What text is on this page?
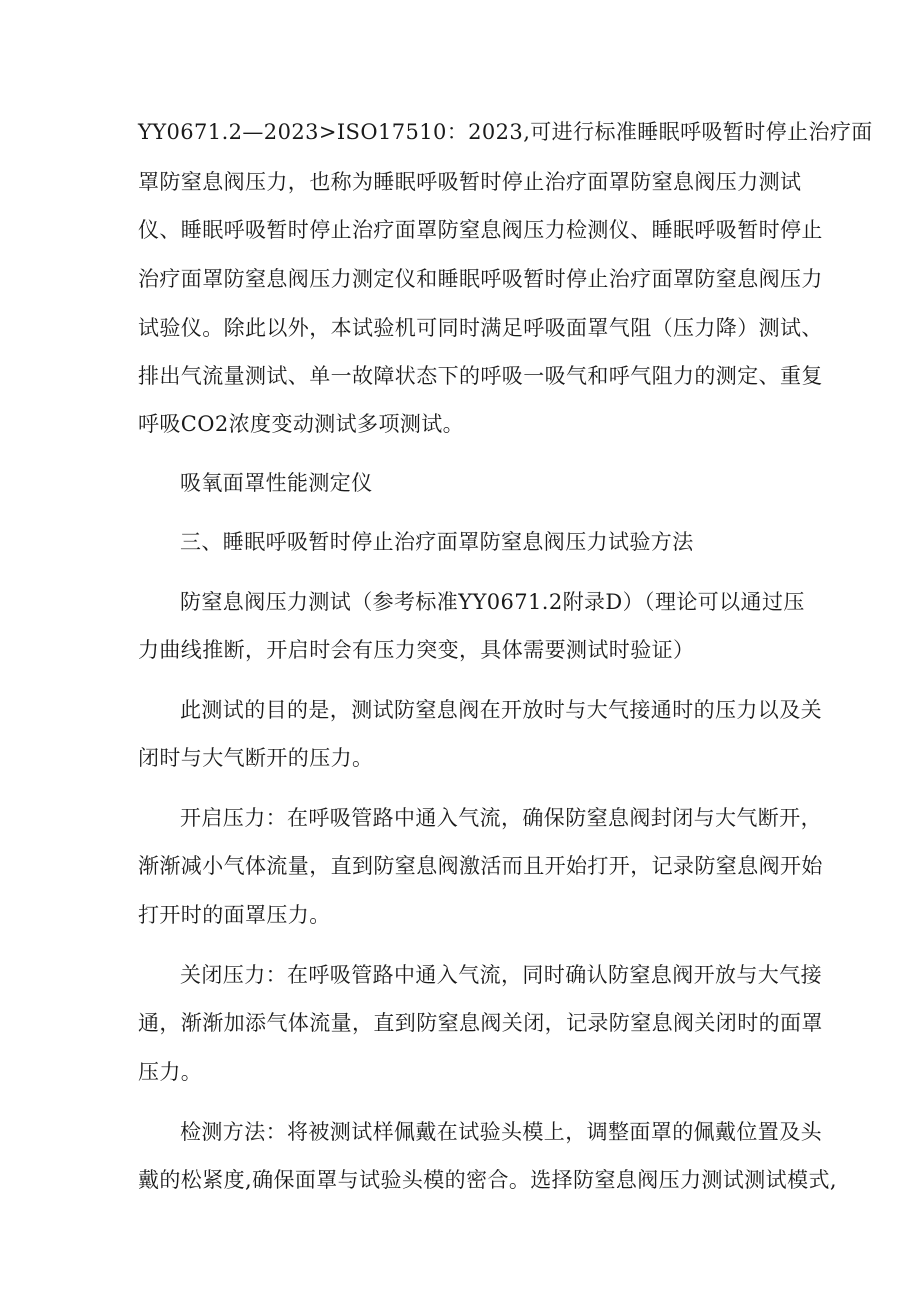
YY0671.2—2023>ISO17510：2023,可进行标准睡眠呼吸暂时停止治疗面
罩防窒息阀压力，也称为睡眠呼吸暂时停止治疗面罩防窒息阀压力测试
仪、睡眠呼吸暂时停止治疗面罩防窒息阀压力检测仪、睡眠呼吸暂时停止
治疗面罩防窒息阀压力测定仪和睡眠呼吸暂时停止治疗面罩防窒息阀压力
试验仪。除此以外，本试验机可同时满足呼吸面罩气阻（压力降）测试、
排出气流量测试、单一故障状态下的呼吸一吸气和呼气阻力的测定、重复
呼吸CO2浓度变动测试多项测试。
吸氧面罩性能测定仪
三、睡眠呼吸暂时停止治疗面罩防窒息阀压力试验方法
防窒息阀压力测试（参考标准YY0671.2附录D）（理论可以通过压
力曲线推断，开启时会有压力突变，具体需要测试时验证）
此测试的目的是，测试防窒息阀在开放时与大气接通时的压力以及关
闭时与大气断开的压力。
开启压力：在呼吸管路中通入气流，确保防窒息阀封闭与大气断开，
渐渐减小气体流量，直到防窒息阀激活而且开始打开，记录防窒息阀开始
打开时的面罩压力。
关闭压力：在呼吸管路中通入气流，同时确认防窒息阀开放与大气接
通，渐渐加添气体流量，直到防窒息阀关闭，记录防窒息阀关闭时的面罩
压力。
检测方法：将被测试样佩戴在试验头模上，调整面罩的佩戴位置及头
戴的松紧度,确保面罩与试验头模的密合。选择防窒息阀压力测试测试模式,
